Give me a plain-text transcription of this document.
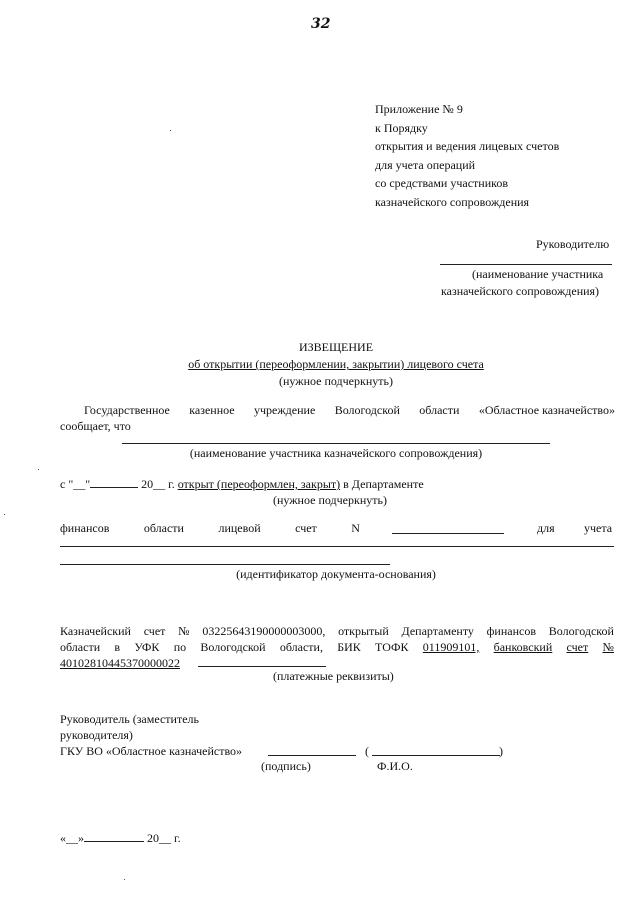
32
Приложение № 9
к Порядку
открытия и ведения лицевых счетов
для учета операций
со средствами участников
казначейского сопровождения
Руководителю
(наименование участника
казначейского сопровождения)
ИЗВЕЩЕНИЕ
об открытии (переоформлении, закрытии) лицевого счета
(нужное подчеркнуть)
Государственное казенное учреждение Вологодской области «Областное казначейство»
сообщает, что
(наименование участника казначейского сопровождения)
с "__"	20__ г. открыт (переоформлен, закрыт) в Департаменте
(нужное подчеркнуть)
финансов	области	лицевой	счет	N	для учета
(идентификатор документа-основания)
Казначейский счет № 03225643190000003000, открытый Департаменту финансов Вологодской
области в УФК по Вологодской области, БИК ТОФК 011909101, банковский счет №
40102810445370000022
(платежные реквизиты)
Руководитель (заместитель
руководителя)
ГКУ ВО «Областное казначейство»	(	)
(подпись)	Ф.И.О.
«__»	20__ г.
